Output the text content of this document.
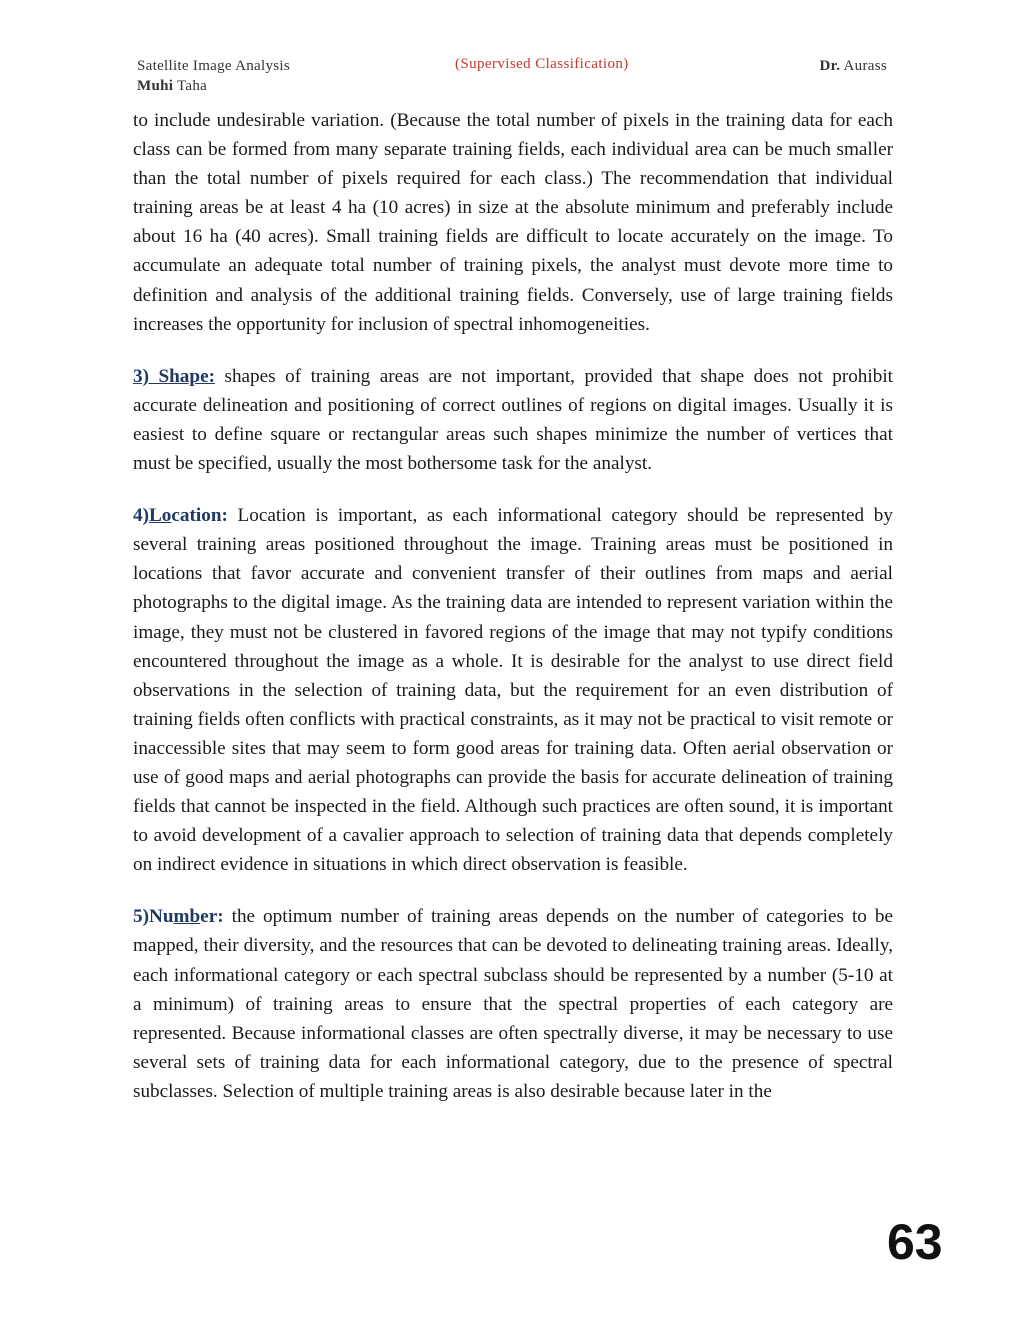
Satellite Image Analysis	(Supervised Classification)	Dr. Aurass
Muhi Taha

to include undesirable variation. (Because the total number of pixels in the training data for each class can be formed from many separate training fields, each individual area can be much smaller than the total number of pixels required for each class.) The recommendation that individual training areas be at least 4 ha (10 acres) in size at the absolute minimum and preferably include about 16 ha (40 acres). Small training fields are difficult to locate accurately on the image. To accumulate an adequate total number of training pixels, the analyst must devote more time to definition and analysis of the additional training fields. Conversely, use of large training fields increases the opportunity for inclusion of spectral inhomogeneities.

3) Shape: shapes of training areas are not important, provided that shape does not prohibit accurate delineation and positioning of correct outlines of regions on digital images. Usually it is easiest to define square or rectangular areas such shapes minimize the number of vertices that must be specified, usually the most bothersome task for the analyst.

4)Location: Location is important, as each informational category should be represented by several training areas positioned throughout the image. Training areas must be positioned in locations that favor accurate and convenient transfer of their outlines from maps and aerial photographs to the digital image. As the training data are intended to represent variation within the image, they must not be clustered in favored regions of the image that may not typify conditions encountered throughout the image as a whole. It is desirable for the analyst to use direct field observations in the selection of training data, but the requirement for an even distribution of training fields often conflicts with practical constraints, as it may not be practical to visit remote or inaccessible sites that may seem to form good areas for training data. Often aerial observation or use of good maps and aerial photographs can provide the basis for accurate delineation of training fields that cannot be inspected in the field. Although such practices are often sound, it is important to avoid development of a cavalier approach to selection of training data that depends completely on indirect evidence in situations in which direct observation is feasible.

5)Number: the optimum number of training areas depends on the number of categories to be mapped, their diversity, and the resources that can be devoted to delineating training areas. Ideally, each informational category or each spectral subclass should be represented by a number (5-10 at a minimum) of training areas to ensure that the spectral properties of each category are represented. Because informational classes are often spectrally diverse, it may be necessary to use several sets of training data for each informational category, due to the presence of spectral subclasses. Selection of multiple training areas is also desirable because later in the

63
